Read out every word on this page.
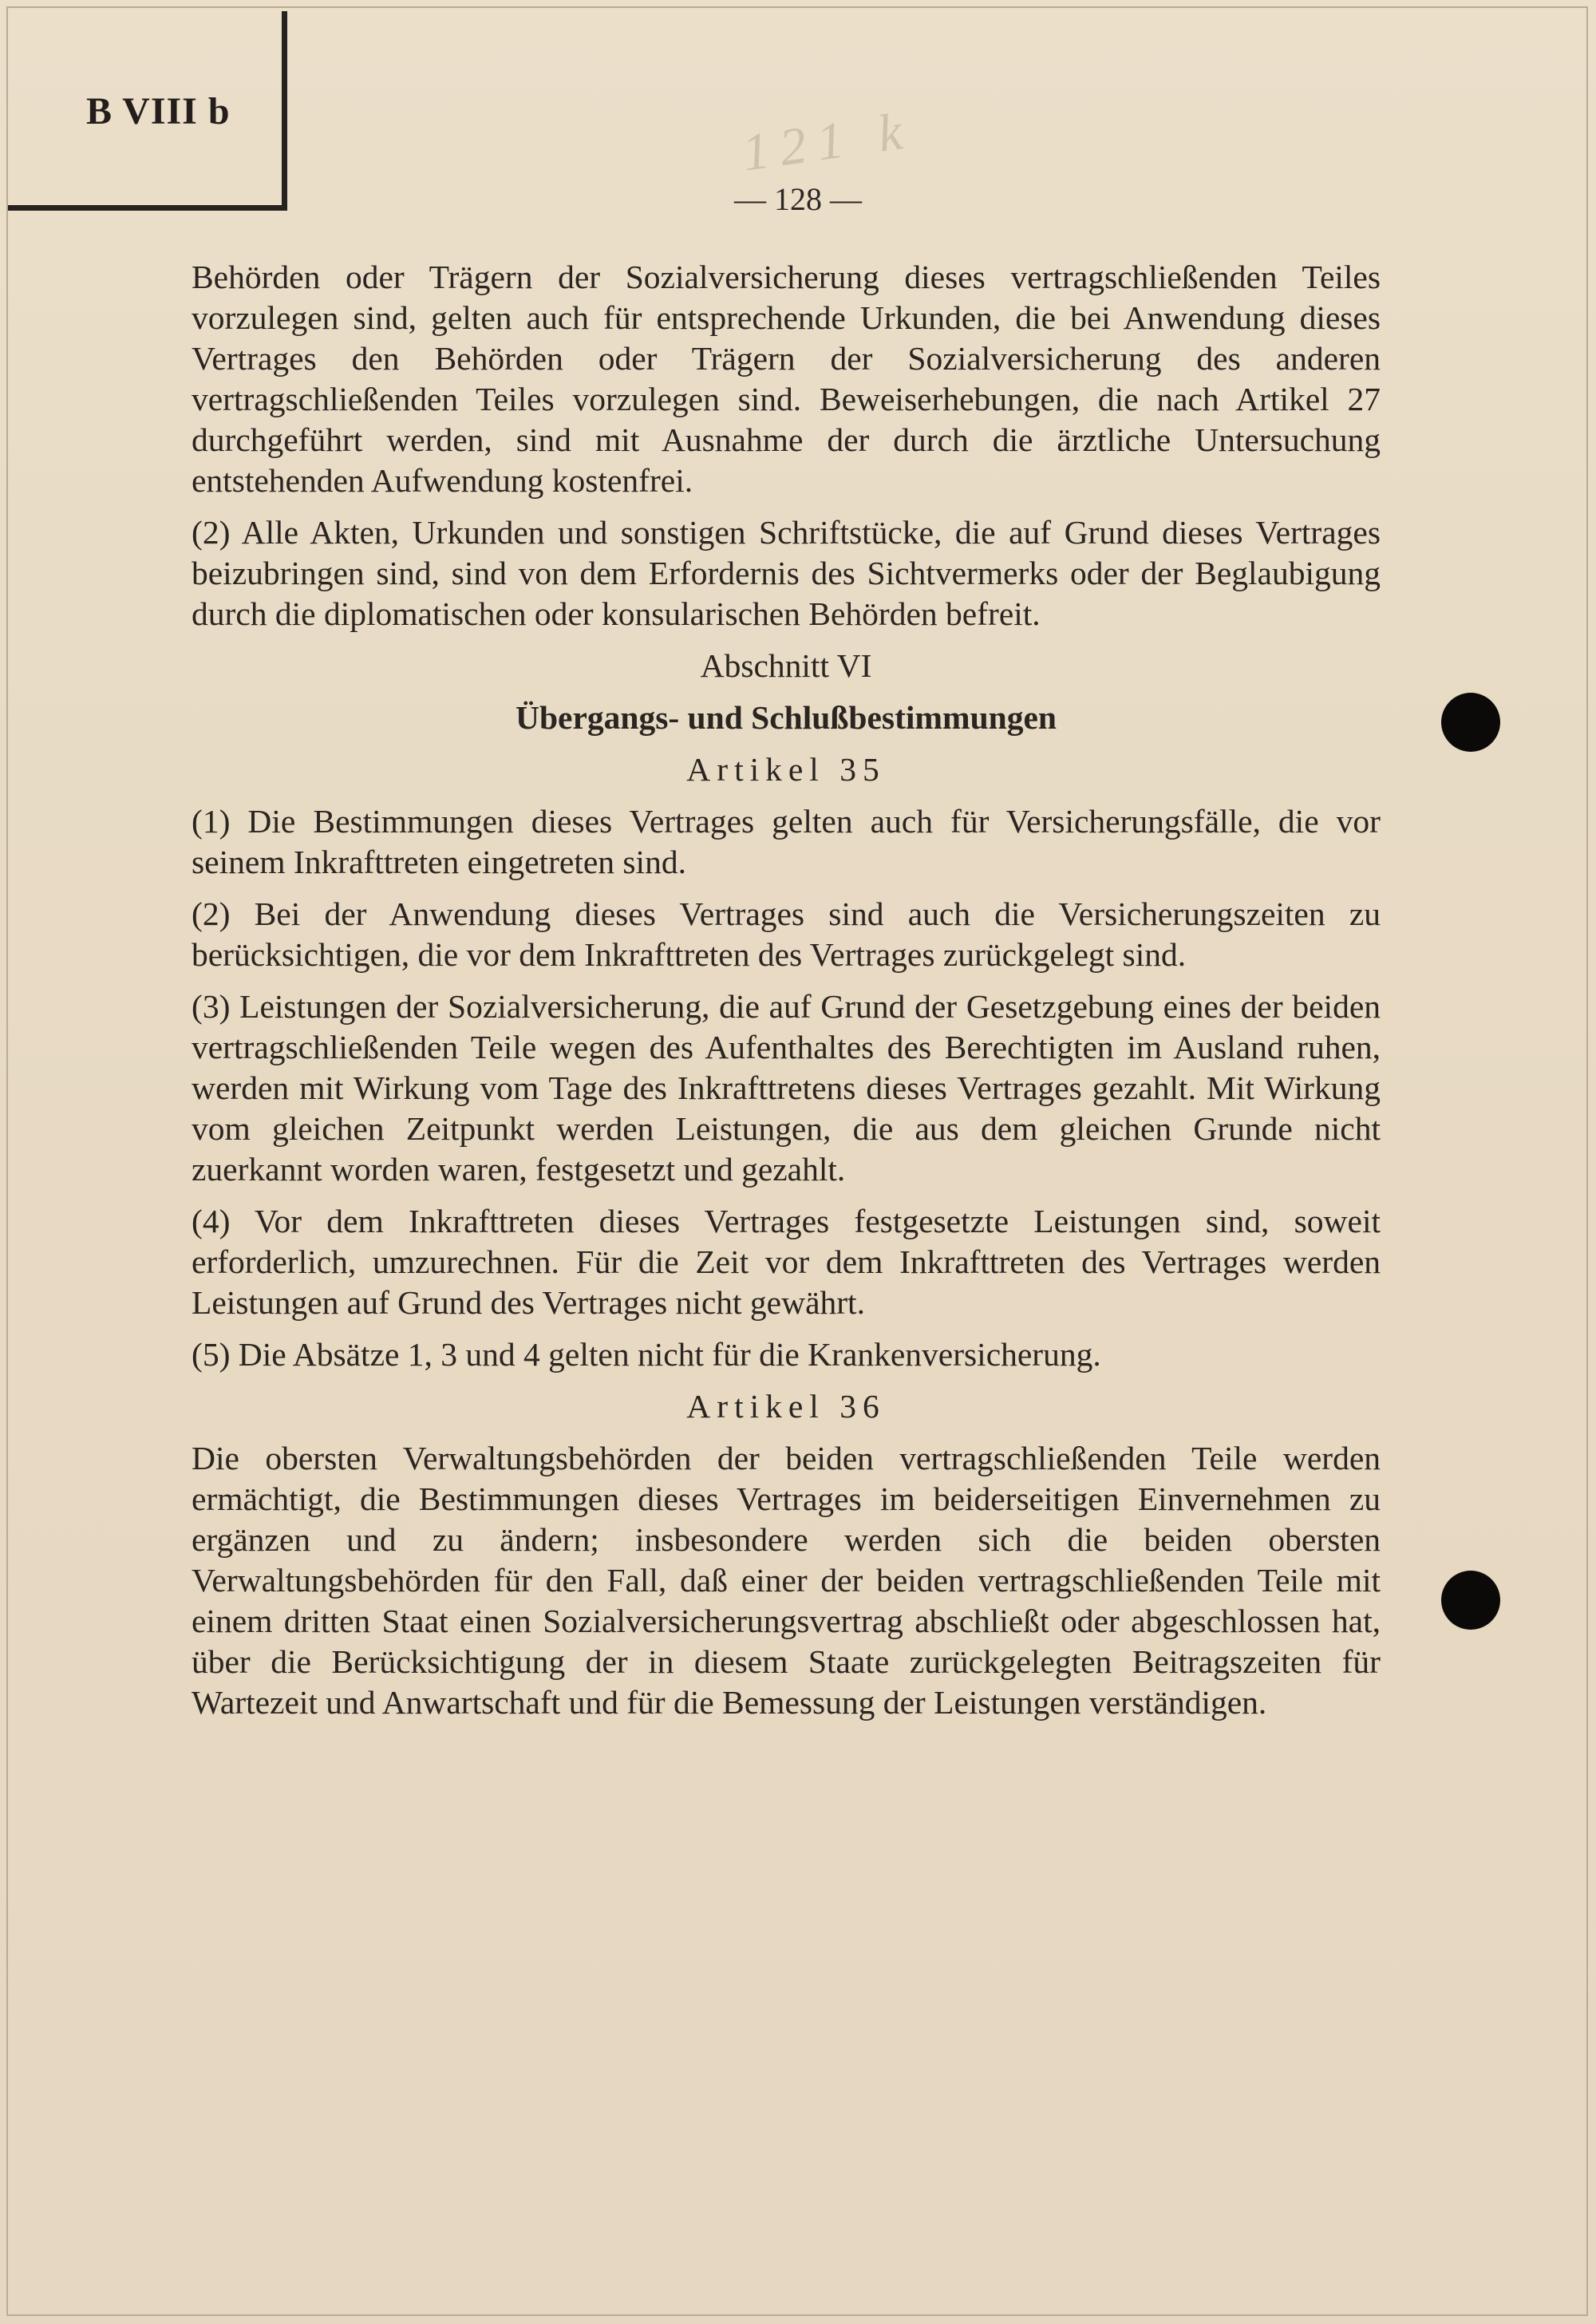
B VIII b	121 k
— 128 —

Behörden oder Trägern der Sozialversicherung dieses vertragschließenden Teiles vorzulegen sind, gelten auch für entsprechende Urkunden, die bei Anwendung dieses Vertrages den Behörden oder Trägern der Sozialversicherung des anderen vertragschließenden Teiles vorzulegen sind. Beweiserhebungen, die nach Artikel 27 durchgeführt werden, sind mit Ausnahme der durch die ärztliche Untersuchung entstehenden Aufwendung kostenfrei.

(2) Alle Akten, Urkunden und sonstigen Schriftstücke, die auf Grund dieses Vertrages beizubringen sind, sind von dem Erfordernis des Sichtvermerks oder der Beglaubigung durch die diplomatischen oder konsularischen Behörden befreit.

Abschnitt VI

Übergangs- und Schlußbestimmungen

Artikel 35

(1) Die Bestimmungen dieses Vertrages gelten auch für Versicherungsfälle, die vor seinem Inkrafttreten eingetreten sind.

(2) Bei der Anwendung dieses Vertrages sind auch die Versicherungszeiten zu berücksichtigen, die vor dem Inkrafttreten des Vertrages zurückgelegt sind.

(3) Leistungen der Sozialversicherung, die auf Grund der Gesetzgebung eines der beiden vertragschließenden Teile wegen des Aufenthaltes des Berechtigten im Ausland ruhen, werden mit Wirkung vom Tage des Inkrafttretens dieses Vertrages gezahlt. Mit Wirkung vom gleichen Zeitpunkt werden Leistungen, die aus dem gleichen Grunde nicht zuerkannt worden waren, festgesetzt und gezahlt.

(4) Vor dem Inkrafttreten dieses Vertrages festgesetzte Leistungen sind, soweit erforderlich, umzurechnen. Für die Zeit vor dem Inkrafttreten des Vertrages werden Leistungen auf Grund des Vertrages nicht gewährt.

(5) Die Absätze 1, 3 und 4 gelten nicht für die Krankenversicherung.

Artikel 36

Die obersten Verwaltungsbehörden der beiden vertragschließenden Teile werden ermächtigt, die Bestimmungen dieses Vertrages im beiderseitigen Einvernehmen zu ergänzen und zu ändern; insbesondere werden sich die beiden obersten Verwaltungsbehörden für den Fall, daß einer der beiden vertragschließenden Teile mit einem dritten Staat einen Sozialversicherungsvertrag abschließt oder abgeschlossen hat, über die Berücksichtigung der in diesem Staate zurückgelegten Beitragszeiten für Wartezeit und Anwartschaft und für die Bemessung der Leistungen verständigen.
